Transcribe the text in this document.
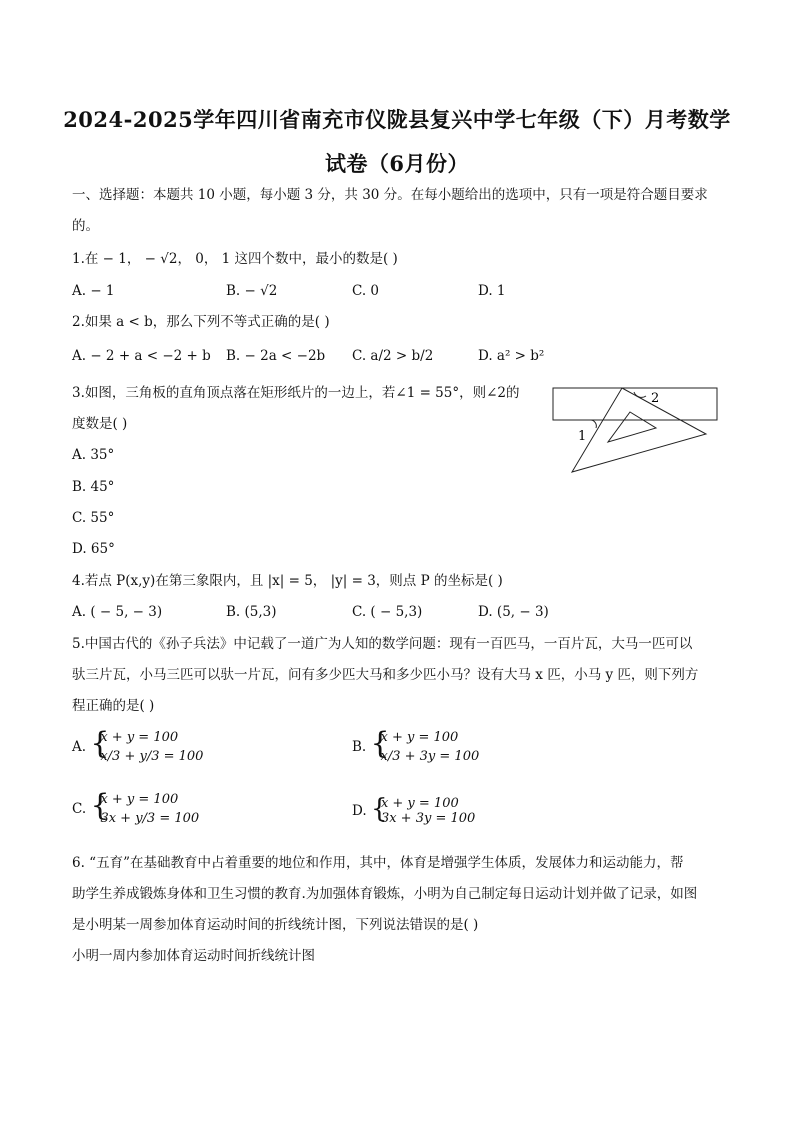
2024-2025学年四川省南充市仪陇县复兴中学七年级（下）月考数学
试卷（6月份）
一、选择题：本题共 10 小题，每小题 3 分，共 30 分。在每小题给出的选项中，只有一项是符合题目要求
的。
1.在 − 1， − √2， 0， 1 这四个数中，最小的数是( )
A. − 1	B. − √2	C. 0	D. 1
2.如果 a < b，那么下列不等式正确的是( )
A. − 2 + a < −2 + b B. − 2a < −2b C. a/2 > b/2	D. a² > b²
3.如图，三角板的直角顶点落在矩形纸片的一边上，若∠1 = 55°，则∠2的
度数是( )
A. 35°
B. 45°
C. 55°
D. 65°
1
2
4.若点 P(x,y)在第三象限内，且 |x| = 5， |y| = 3，则点 P 的坐标是( )
A. ( − 5, − 3)	B. (5,3)	C. ( − 5,3)	D. (5, − 3)
5.中国古代的《孙子兵法》中记载了一道广为人知的数学问题：现有一百匹马，一百片瓦，大马一匹可以
驮三片瓦，小马三匹可以驮一片瓦，问有多少匹大马和多少匹小马？设有大马 x 匹，小马 y 匹，则下列方
程正确的是( )
A. {
x + y = 100
x/3 + y/3 = 100
B. {
x + y = 100
x/3 + 3y = 100
C. {
x + y = 100
3x + y/3 = 100	D. {
x + y = 100
3x + 3y = 100
6. “五育”在基础教育中占着重要的地位和作用，其中，体育是增强学生体质，发展体力和运动能力，帮
助学生养成锻炼身体和卫生习惯的教育.为加强体育锻炼，小明为自己制定每日运动计划并做了记录，如图
是小明某一周参加体育运动时间的折线统计图，下列说法错误的是( )
小明一周内参加体育运动时间折线统计图
